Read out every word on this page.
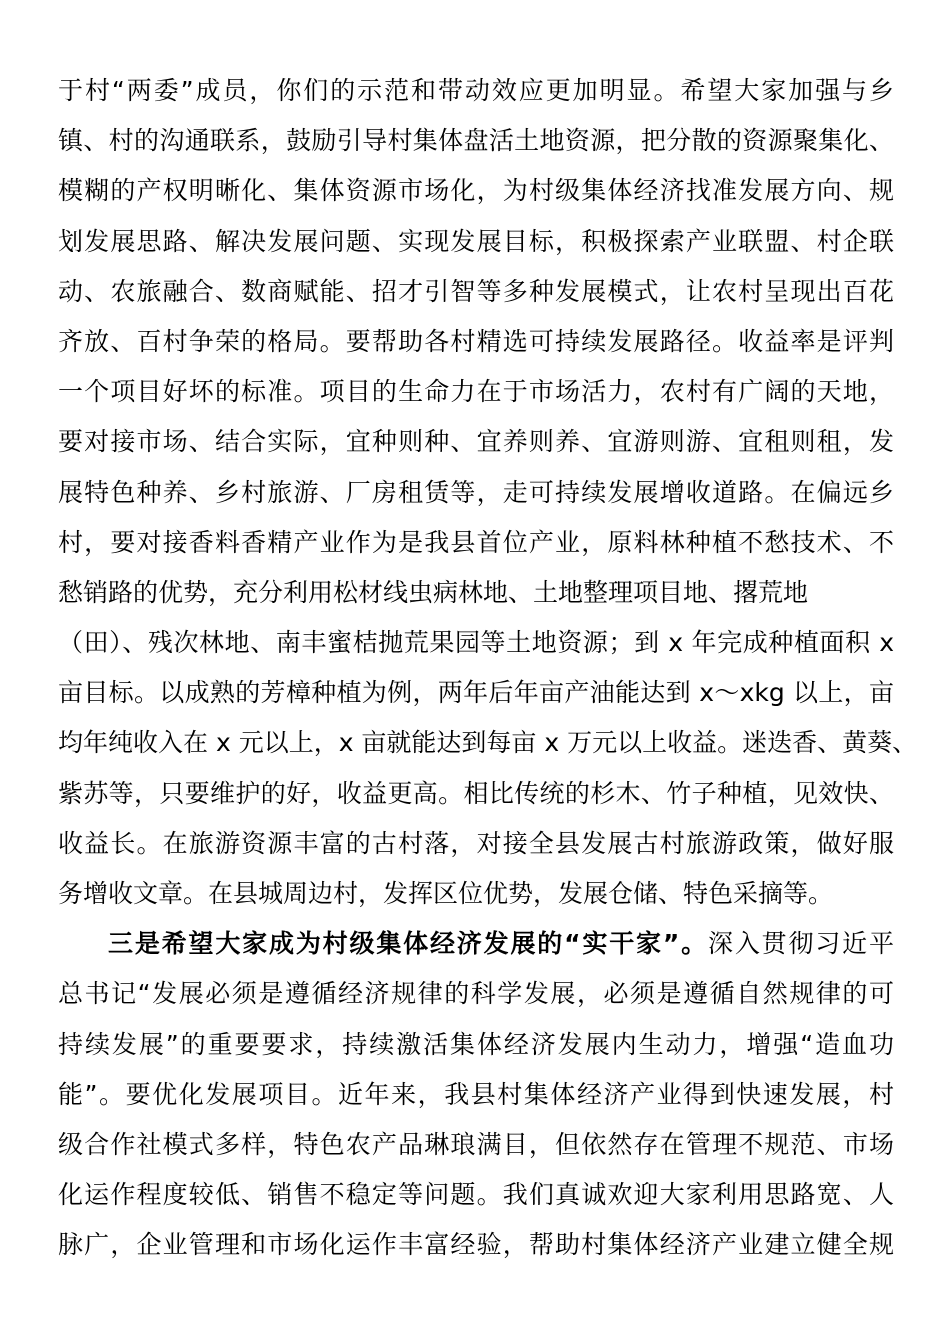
于村“两委”成员，你们的示范和带动效应更加明显。希望大家加强与乡
镇、村的沟通联系，鼓励引导村集体盘活土地资源，把分散的资源聚集化、
模糊的产权明晰化、集体资源市场化，为村级集体经济找准发展方向、规
划发展思路、解决发展问题、实现发展目标，积极探索产业联盟、村企联
动、农旅融合、数商赋能、招才引智等多种发展模式，让农村呈现出百花
齐放、百村争荣的格局。要帮助各村精选可持续发展路径。收益率是评判
一个项目好坏的标准。项目的生命力在于市场活力，农村有广阔的天地，
要对接市场、结合实际，宜种则种、宜养则养、宜游则游、宜租则租，发
展特色种养、乡村旅游、厂房租赁等，走可持续发展增收道路。在偏远乡
村，要对接香料香精产业作为是我县首位产业，原料林种植不愁技术、不
愁销路的优势，充分利用松材线虫病林地、土地整理项目地、撂荒地
（田）、残次林地、南丰蜜桔抛荒果园等土地资源；到 x 年完成种植面积 x
亩目标。以成熟的芳樟种植为例，两年后年亩产油能达到 x～xkg 以上，亩
均年纯收入在 x 元以上，x 亩就能达到每亩 x 万元以上收益。迷迭香、黄葵、
紫苏等，只要维护的好，收益更高。相比传统的杉木、竹子种植，见效快、
收益长。在旅游资源丰富的古村落，对接全县发展古村旅游政策，做好服
务增收文章。在县城周边村，发挥区位优势，发展仓储、特色采摘等。
三是希望大家成为村级集体经济发展的“实干家”。深入贯彻习近平
总书记“发展必须是遵循经济规律的科学发展，必须是遵循自然规律的可
持续发展”的重要要求，持续激活集体经济发展内生动力，增强“造血功
能”。要优化发展项目。近年来，我县村集体经济产业得到快速发展，村
级合作社模式多样，特色农产品琳琅满目，但依然存在管理不规范、市场
化运作程度较低、销售不稳定等问题。我们真诚欢迎大家利用思路宽、人
脉广，企业管理和市场化运作丰富经验，帮助村集体经济产业建立健全规
